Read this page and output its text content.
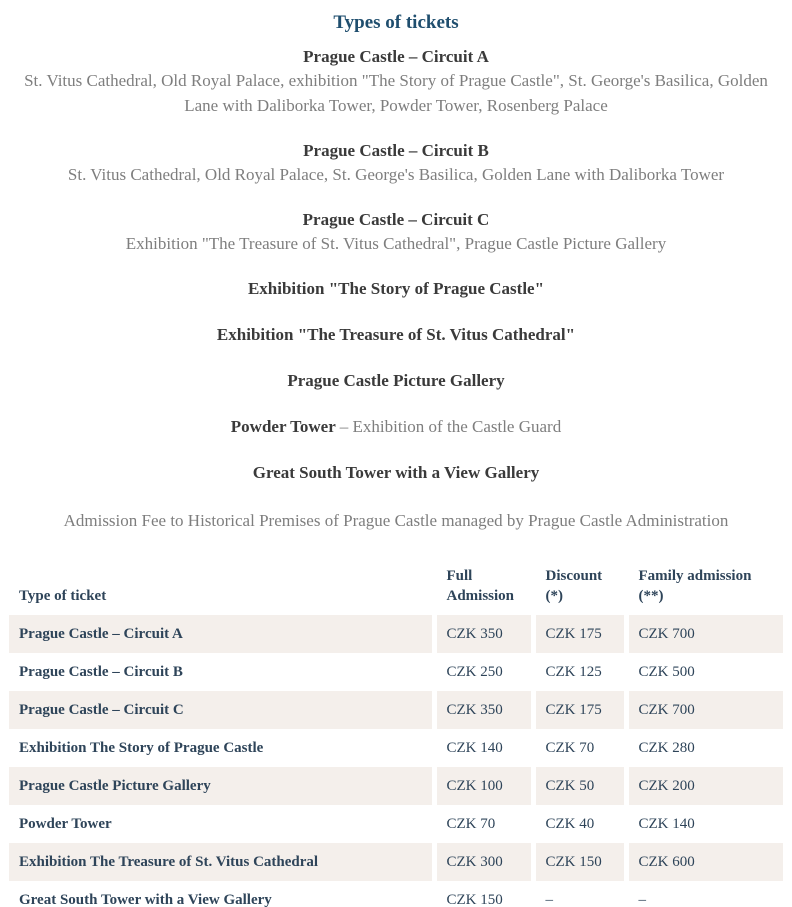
Types of tickets
Prague Castle – Circuit A

St. Vitus Cathedral, Old Royal Palace, exhibition "The Story of Prague Castle", St. George's Basilica, Golden Lane with Daliborka Tower, Powder Tower, Rosenberg Palace

Prague Castle – Circuit B

St. Vitus Cathedral, Old Royal Palace, St. George's Basilica, Golden Lane with Daliborka Tower

Prague Castle – Circuit C

Exhibition "The Treasure of St. Vitus Cathedral", Prague Castle Picture Gallery

Exhibition "The Story of Prague Castle"
Exhibition "The Treasure of St. Vitus Cathedral"
Prague Castle Picture Gallery
Powder Tower – Exhibition of the Castle Guard
Great South Tower with a View Gallery

Admission Fee to Historical Premises of Prague Castle managed by Prague Castle Administration

Type of ticket	Full Admission	Discount (*)	Family admission (**)
Prague Castle – Circuit A	CZK 350	CZK 175	CZK 700
Prague Castle – Circuit B	CZK 250	CZK 125	CZK 500
Prague Castle – Circuit C	CZK 350	CZK 175	CZK 700
Exhibition The Story of Prague Castle	CZK 140	CZK 70	CZK 280
Prague Castle Picture Gallery	CZK 100	CZK 50	CZK 200
Powder Tower	CZK 70	CZK 40	CZK 140
Exhibition The Treasure of St. Vitus Cathedral	CZK 300	CZK 150	CZK 600
Great South Tower with a View Gallery	CZK 150	–	–
